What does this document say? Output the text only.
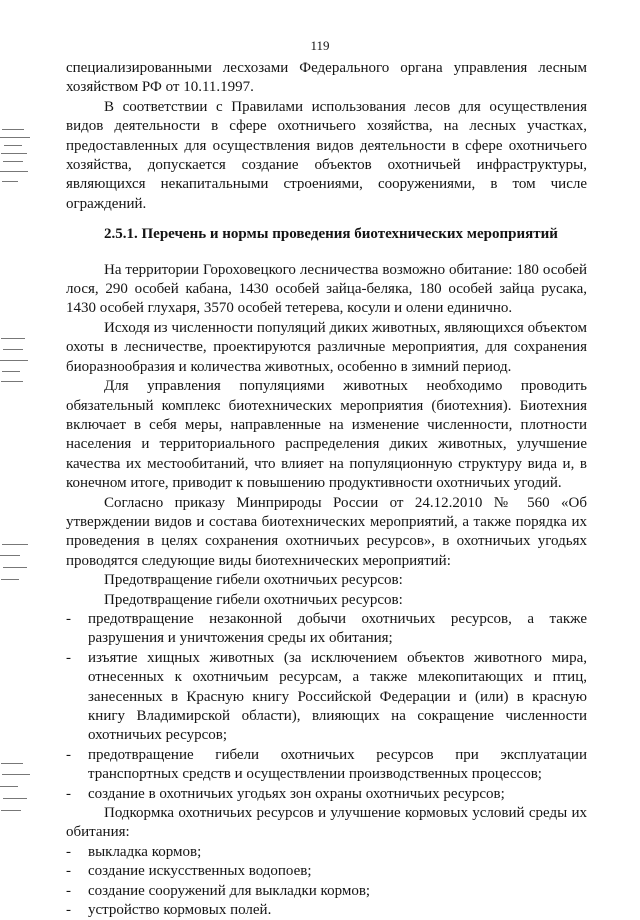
119

специализированными лесхозами Федерального органа управления лесным хозяйством РФ от 10.11.1997.

В соответствии с Правилами использования лесов для осуществления видов деятельности в сфере охотничьего хозяйства, на лесных участках, предоставленных для осуществления видов деятельности в сфере охотничьего хозяйства, допускается создание объектов охотничьей инфраструктуры, являющихся некапитальными строениями, сооружениями, в том числе ограждений.

2.5.1. Перечень и нормы проведения биотехнических мероприятий

На территории Гороховецкого лесничества возможно обитание: 180 особей лося, 290 особей кабана, 1430 особей зайца-беляка, 180 особей зайца русака, 1430 особей глухаря, 3570 особей тетерева, косули и олени единично.

Исходя из численности популяций диких животных, являющихся объектом охоты в лесничестве, проектируются различные мероприятия, для сохранения биоразнообразия и количества животных, особенно в зимний период.

Для управления популяциями животных необходимо проводить обязательный комплекс биотехнических мероприятия (биотехния). Биотехния включает в себя меры, направленные на изменение численности, плотности населения и территориального распределения диких животных, улучшение качества их местообитаний, что влияет на популяционную структуру вида и, в конечном итоге, приводит к повышению продуктивности охотничьих угодий.

Согласно приказу Минприроды России от 24.12.2010 № 560 «Об утверждении видов и состава биотехнических мероприятий, а также порядка их проведения в целях сохранения охотничьих ресурсов», в охотничьих угодьях проводятся следующие виды биотехнических мероприятий:

Предотвращение гибели охотничьих ресурсов:

Предотвращение гибели охотничьих ресурсов:

-	предотвращение незаконной добычи охотничьих ресурсов, а также разрушения и уничтожения среды их обитания;
-	изъятие хищных животных (за исключением объектов животного мира, отнесенных к охотничьим ресурсам, а также млекопитающих и птиц, занесенных в Красную книгу Российской Федерации и (или) в красную книгу Владимирской области), влияющих на сокращение численности охотничьих ресурсов;
-	предотвращение гибели охотничьих ресурсов при эксплуатации транспортных средств и осуществлении производственных процессов;
-	создание в охотничьих угодьях зон охраны охотничьих ресурсов;

Подкормка охотничьих ресурсов и улучшение кормовых условий среды их обитания:

-	выкладка кормов;
-	создание искусственных водопоев;
-	создание сооружений для выкладки кормов;
-	устройство кормовых полей.
